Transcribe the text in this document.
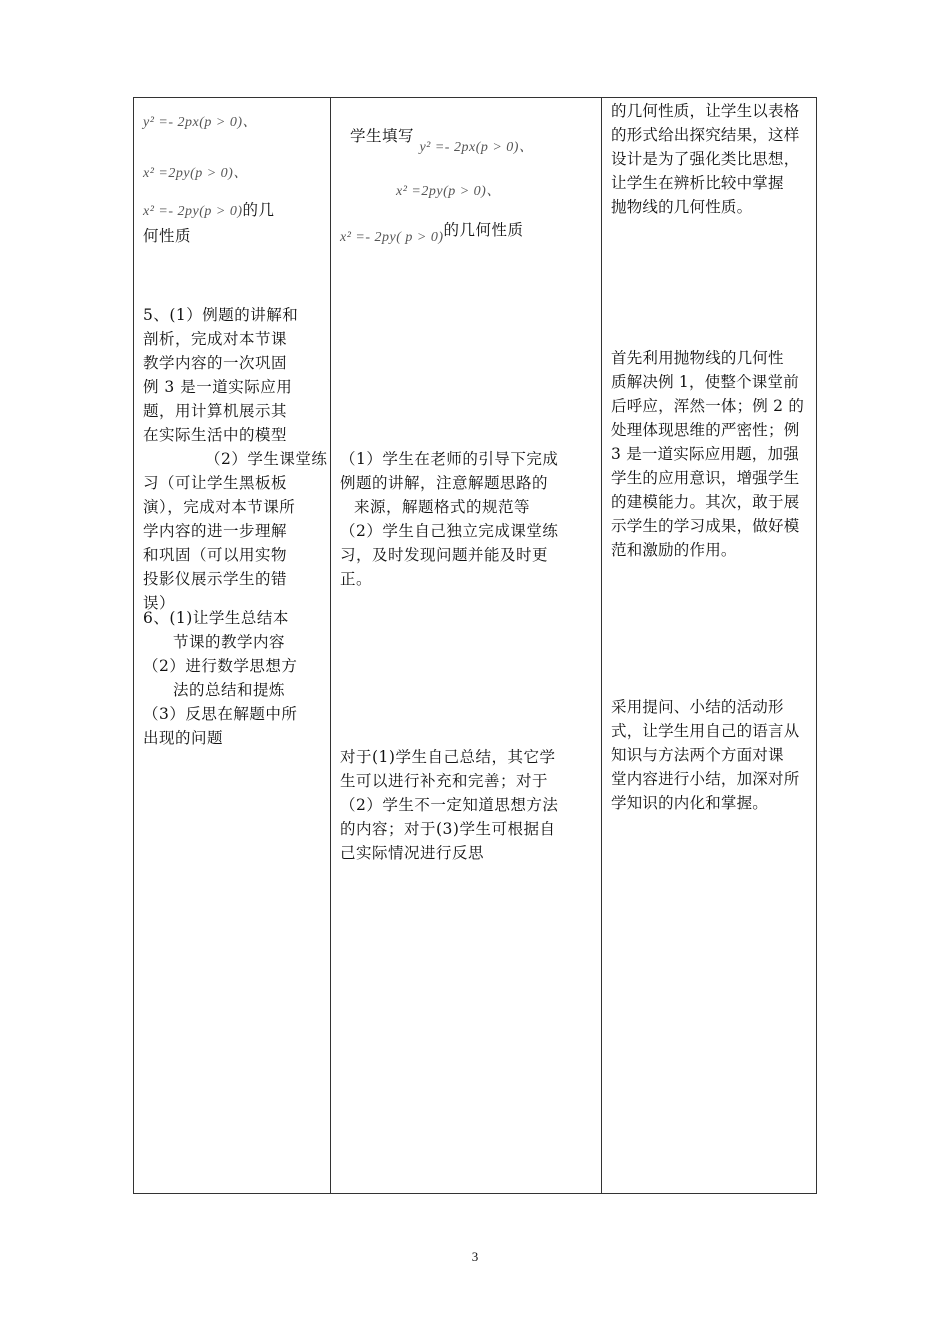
y² =- 2px(p > 0)、
x² =2py(p > 0)、
x² =- 2py(p > 0)的几
何性质
5、(1）例题的讲解和
剖析，完成对本节课
教学内容的一次巩固
例 3 是一道实际应用
题，用计算机展示其
在实际生活中的模型
（2）学生课堂练
习（可让学生黑板板
演），完成对本节课所
学内容的进一步理解
和巩固（可以用实物
投影仪展示学生的错
误）
6、(1)让学生总结本
节课的教学内容
（2）进行数学思想方
法的总结和提炼
（3）反思在解题中所
出现的问题
学生填写 y² =- 2px(p > 0)、
x² =2py(p > 0)、
x² =- 2py( p > 0)的几何性质
（1）学生在老师的引导下完成
例题的讲解，注意解题思路的
来源，解题格式的规范等
（2）学生自己独立完成课堂练
习，及时发现问题并能及时更
正。
对于(1)学生自己总结，其它学
生可以进行补充和完善；对于
（2）学生不一定知道思想方法
的内容；对于(3)学生可根据自
己实际情况进行反思
的几何性质，让学生以表格
的形式给出探究结果，这样
设计是为了强化类比思想，
让学生在辨析比较中掌握
抛物线的几何性质。
首先利用抛物线的几何性
质解决例 1，使整个课堂前
后呼应，浑然一体；例 2 的
处理体现思维的严密性；例
3 是一道实际应用题，加强
学生的应用意识，增强学生
的建模能力。其次，敢于展
示学生的学习成果，做好模
范和激励的作用。
采用提问、小结的活动形
式，让学生用自己的语言从
知识与方法两个方面对课
堂内容进行小结，加深对所
学知识的内化和掌握。
3
